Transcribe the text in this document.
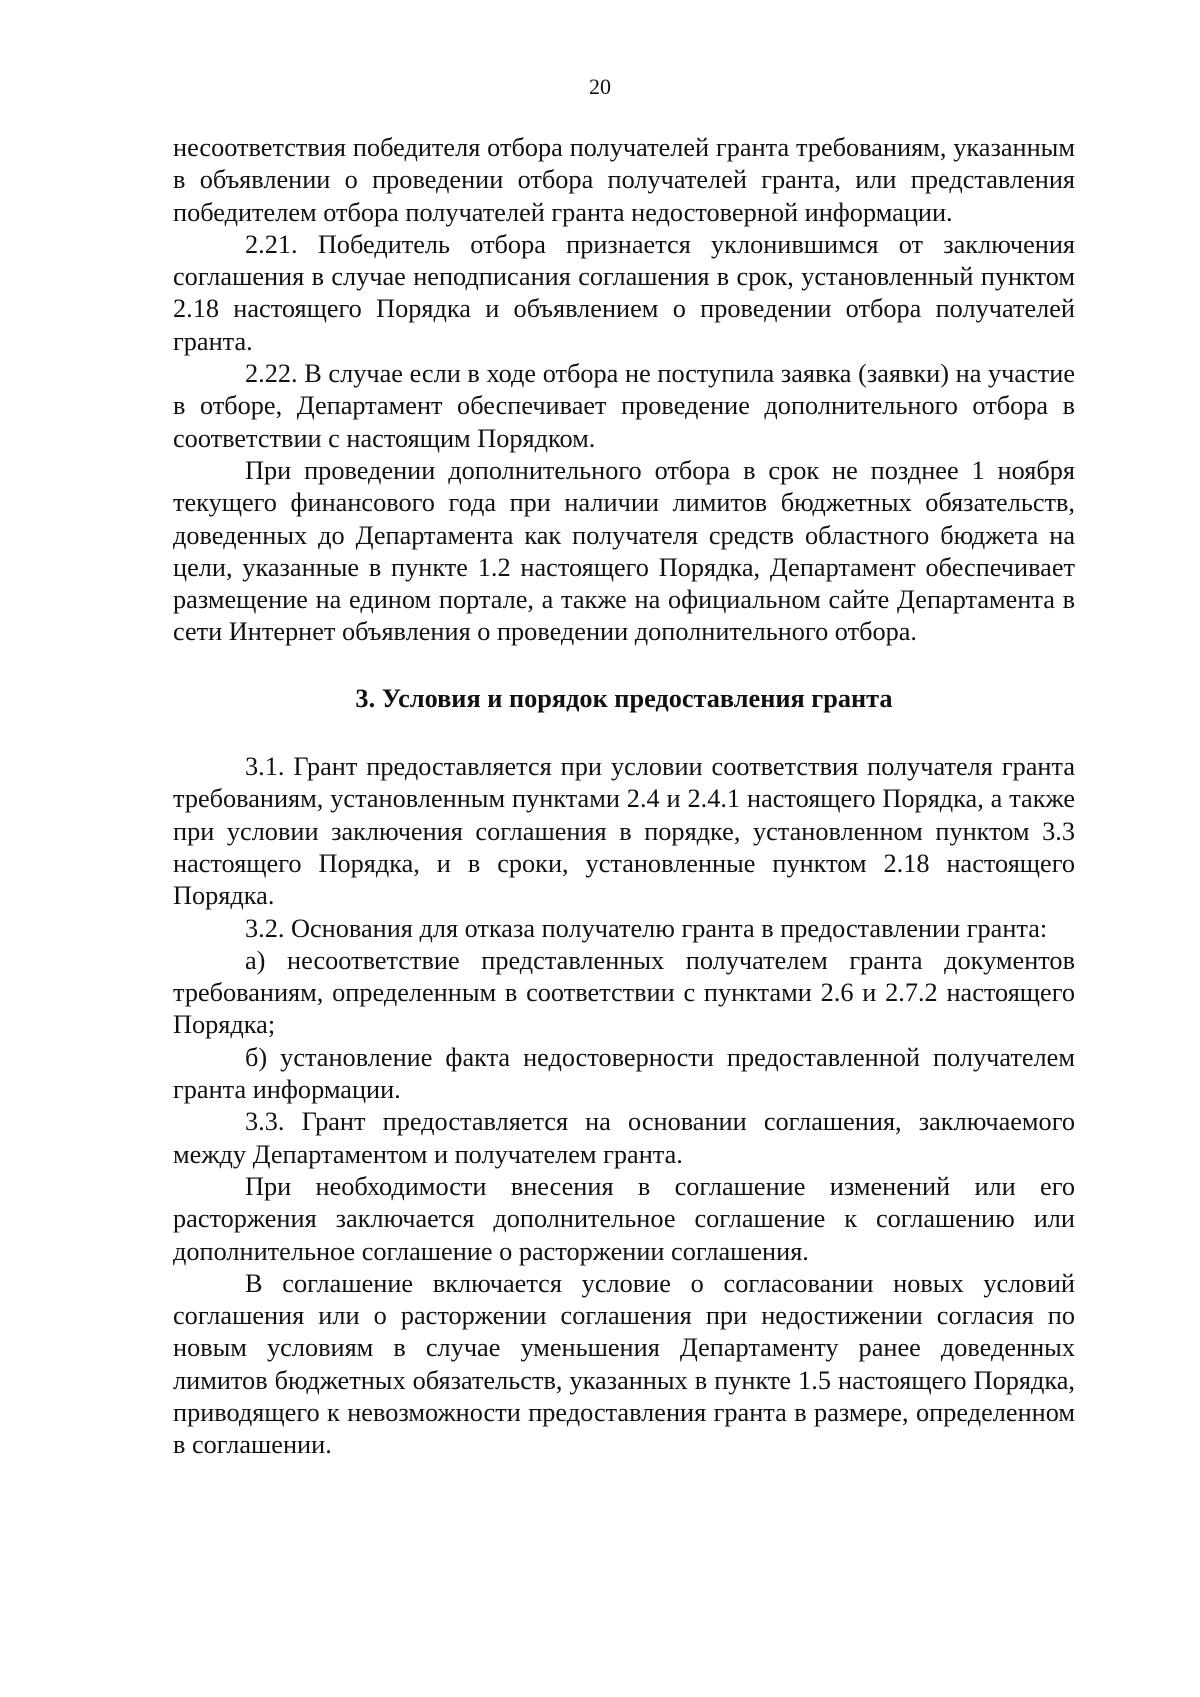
20

несоответствия победителя отбора получателей гранта требованиям, указанным в объявлении о проведении отбора получателей гранта, или представления победителем отбора получателей гранта недостоверной информации.

2.21. Победитель отбора признается уклонившимся от заключения соглашения в случае неподписания соглашения в срок, установленный пунктом 2.18 настоящего Порядка и объявлением о проведении отбора получателей гранта.

2.22. В случае если в ходе отбора не поступила заявка (заявки) на участие в отборе, Департамент обеспечивает проведение дополнительного отбора в соответствии с настоящим Порядком.

При проведении дополнительного отбора в срок не позднее 1 ноября текущего финансового года при наличии лимитов бюджетных обязательств, доведенных до Департамента как получателя средств областного бюджета на цели, указанные в пункте 1.2 настоящего Порядка, Департамент обеспечивает размещение на едином портале, а также на официальном сайте Департамента в сети Интернет объявления о проведении дополнительного отбора.

3. Условия и порядок предоставления гранта

3.1. Грант предоставляется при условии соответствия получателя гранта требованиям, установленным пунктами 2.4 и 2.4.1 настоящего Порядка, а также при условии заключения соглашения в порядке, установленном пунктом 3.3 настоящего Порядка, и в сроки, установленные пунктом 2.18 настоящего Порядка.

3.2. Основания для отказа получателю гранта в предоставлении гранта:

а) несоответствие представленных получателем гранта документов требованиям, определенным в соответствии с пунктами 2.6 и 2.7.2 настоящего Порядка;

б) установление факта недостоверности предоставленной получателем гранта информации.

3.3. Грант предоставляется на основании соглашения, заключаемого между Департаментом и получателем гранта.

При необходимости внесения в соглашение изменений или его расторжения заключается дополнительное соглашение к соглашению или дополнительное соглашение о расторжении соглашения.

В соглашение включается условие о согласовании новых условий соглашения или о расторжении соглашения при недостижении согласия по новым условиям в случае уменьшения Департаменту ранее доведенных лимитов бюджетных обязательств, указанных в пункте 1.5 настоящего Порядка, приводящего к невозможности предоставления гранта в размере, определенном в соглашении.
